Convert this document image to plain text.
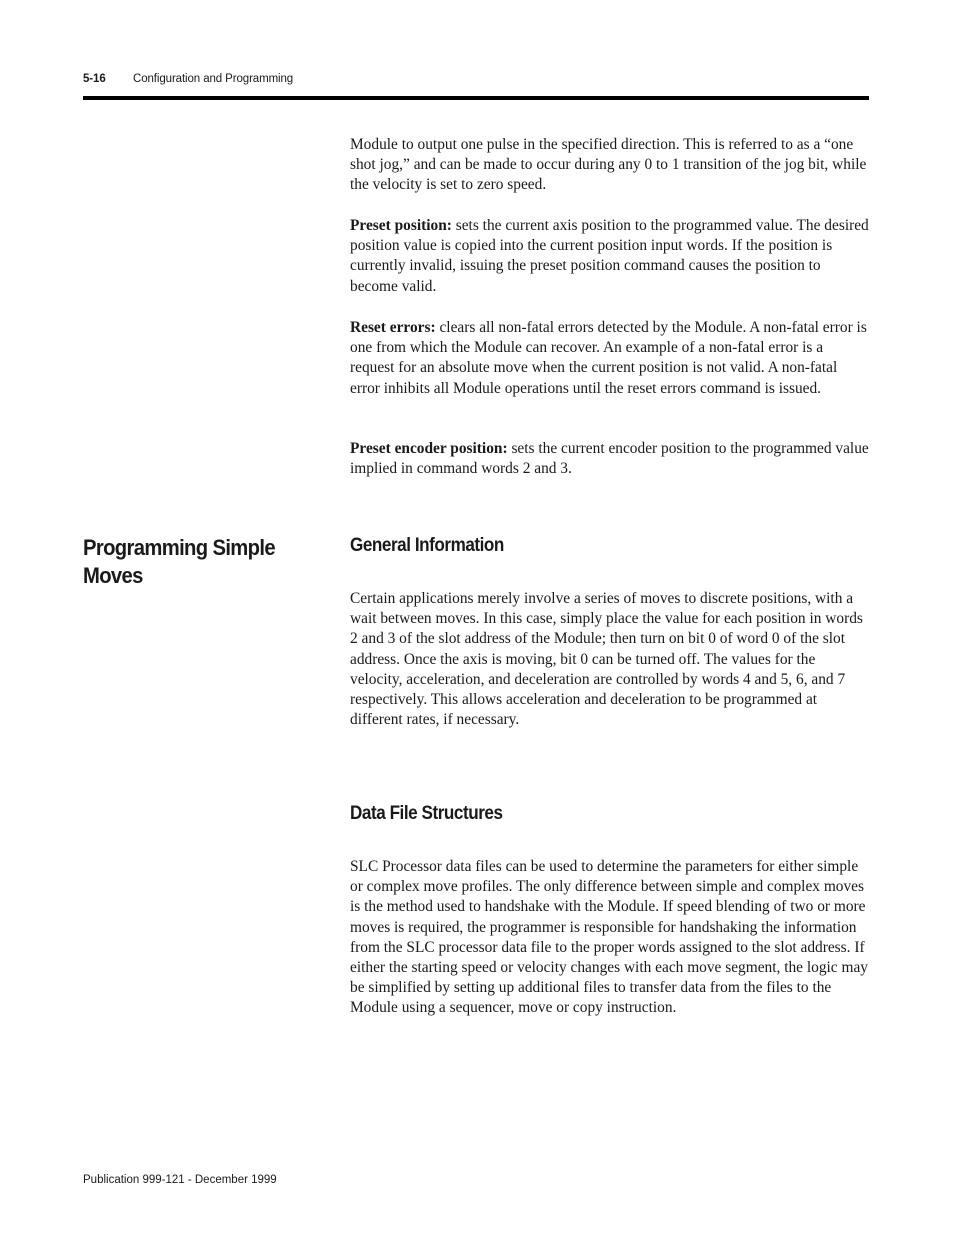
5-16 Configuration and Programming

Module to output one pulse in the specified direction. This is referred to as a “one shot jog,” and can be made to occur during any 0 to 1 transition of the jog bit, while the velocity is set to zero speed.

Preset position: sets the current axis position to the programmed value. The desired position value is copied into the current position input words. If the position is currently invalid, issuing the preset position command causes the position to become valid.

Reset errors: clears all non-fatal errors detected by the Module. A non-fatal error is one from which the Module can recover. An example of a non-fatal error is a request for an absolute move when the current position is not valid. A non-fatal error inhibits all Module operations until the reset errors command is issued.

Preset encoder position: sets the current encoder position to the programmed value implied in command words 2 and 3.

Programming Simple Moves
General Information

Certain applications merely involve a series of moves to discrete positions, with a wait between moves. In this case, simply place the value for each position in words 2 and 3 of the slot address of the Module; then turn on bit 0 of word 0 of the slot address. Once the axis is moving, bit 0 can be turned off. The values for the velocity, acceleration, and deceleration are controlled by words 4 and 5, 6, and 7 respectively. This allows acceleration and deceleration to be programmed at different rates, if necessary.

Data File Structures

SLC Processor data files can be used to determine the parameters for either simple or complex move profiles. The only difference between simple and complex moves is the method used to handshake with the Module. If speed blending of two or more moves is required, the programmer is responsible for handshaking the information from the SLC processor data file to the proper words assigned to the slot address. If either the starting speed or velocity changes with each move segment, the logic may be simplified by setting up additional files to transfer data from the files to the Module using a sequencer, move or copy instruction.

Publication 999-121 - December 1999
